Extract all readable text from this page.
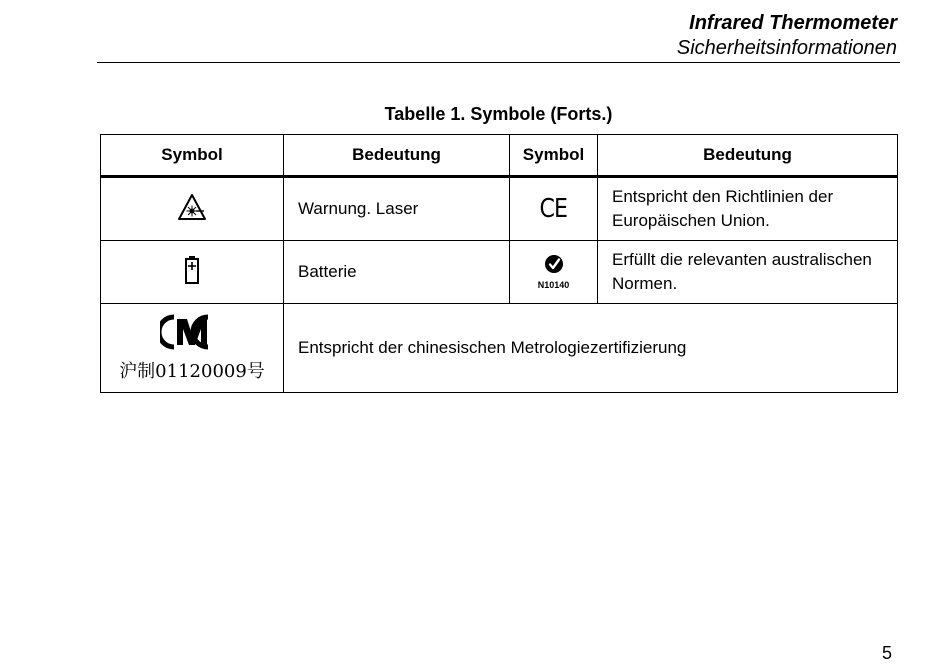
Infrared Thermometer
Sicherheitsinformationen
Tabelle 1. Symbole (Forts.)
Symbol	Bedeutung	Symbol	Bedeutung
	Warnung. Laser	CE	Entspricht den Richtlinien der Europäischen Union.
	Batterie	N10140	Erfüllt die relevanten australischen Normen.

沪制01120009号	Entspricht der chinesischen Metrologiezertifizierung		
5
